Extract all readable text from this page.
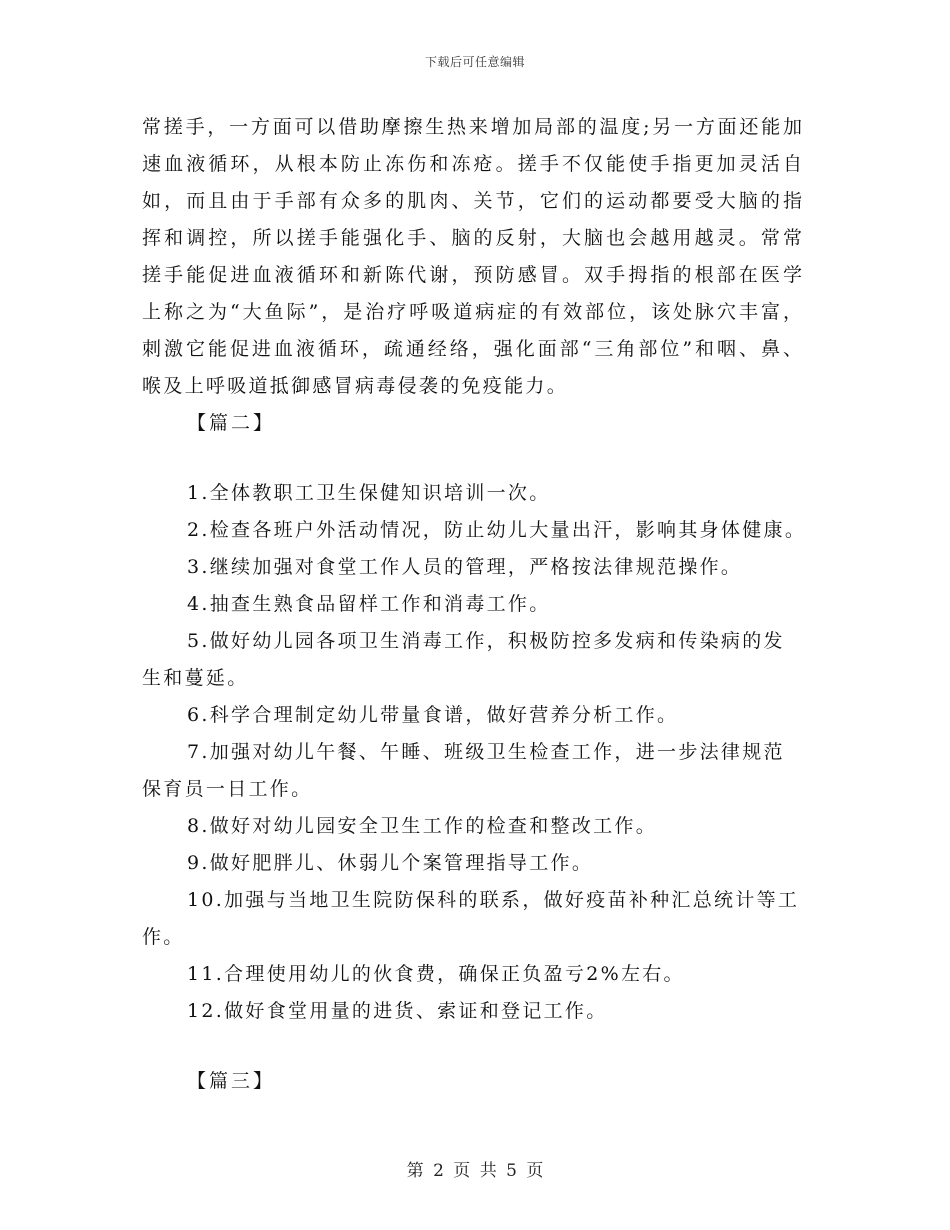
下载后可任意编辑
常搓手，一方面可以借助摩擦生热来增加局部的温度;另一方面还能加
速血液循环，从根本防止冻伤和冻疮。搓手不仅能使手指更加灵活自
如，而且由于手部有众多的肌肉、关节，它们的运动都要受大脑的指
挥和调控，所以搓手能强化手、脑的反射，大脑也会越用越灵。常常
搓手能促进血液循环和新陈代谢，预防感冒。双手拇指的根部在医学
上称之为“大鱼际”，是治疗呼吸道病症的有效部位，该处脉穴丰富，
刺激它能促进血液循环，疏通经络，强化面部“三角部位”和咽、鼻、
喉及上呼吸道抵御感冒病毒侵袭的免疫能力。
【篇二】
1.全体教职工卫生保健知识培训一次。
2.检查各班户外活动情况，防止幼儿大量出汗，影响其身体健康。
3.继续加强对食堂工作人员的管理，严格按法律规范操作。
4.抽查生熟食品留样工作和消毒工作。
5.做好幼儿园各项卫生消毒工作，积极防控多发病和传染病的发
生和蔓延。
6.科学合理制定幼儿带量食谱，做好营养分析工作。
7.加强对幼儿午餐、午睡、班级卫生检查工作，进一步法律规范
保育员一日工作。
8.做好对幼儿园安全卫生工作的检查和整改工作。
9.做好肥胖儿、休弱儿个案管理指导工作。
10.加强与当地卫生院防保科的联系，做好疫苗补种汇总统计等工
作。
11.合理使用幼儿的伙食费，确保正负盈亏2%左右。
12.做好食堂用量的进货、索证和登记工作。
【篇三】
第 2 页 共 5 页
